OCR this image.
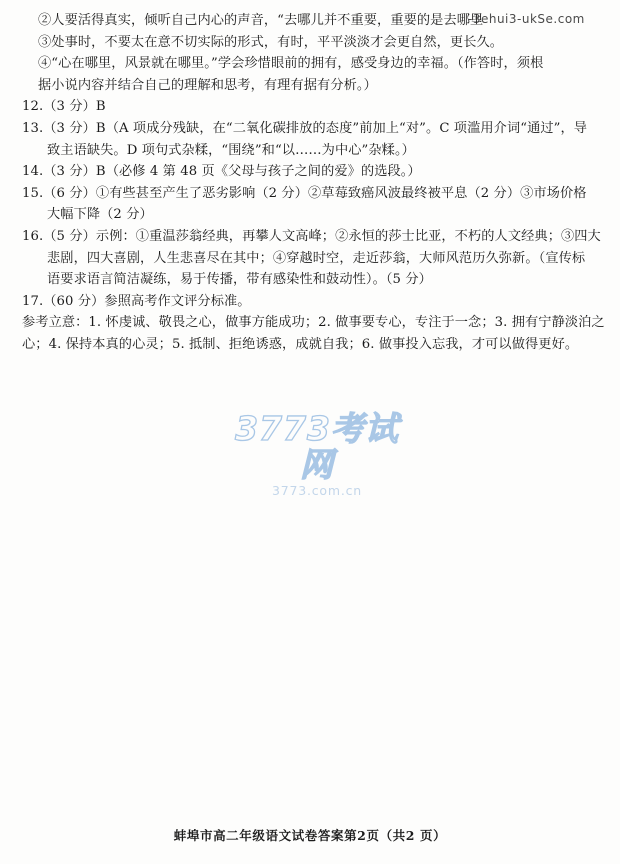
②人要活得真实，倾听自己内心的声音，“去哪儿并不重要，重要的是去哪里
③处事时，不要太在意不切实际的形式，有时，平平淡淡才会更自然，更长久。
④“心在哪里，风景就在哪里。”学会珍惜眼前的拥有，感受身边的幸福。（作答时，须根
据小说内容并结合自己的理解和思考，有理有据有分析。）
12.（3 分）B
13.（3 分）B（A 项成分残缺，在“二氧化碳排放的态度”前加上“对”。C 项滥用介词“通过”，导
致主语缺失。D 项句式杂糅，“围绕”和“以……为中心”杂糅。）
14.（3 分）B（必修 4 第 48 页《父母与孩子之间的爱》的选段。）
15.（6 分）①有些甚至产生了恶劣影响（2 分）②草莓致癌风波最终被平息（2 分）③市场价格
大幅下降（2 分）
16.（5 分）示例：①重温莎翁经典，再攀人文高峰；②永恒的莎士比亚，不朽的人文经典；③四大
悲剧，四大喜剧，人生悲喜尽在其中；④穿越时空，走近莎翁，大师风范历久弥新。（宣传标
语要求语言简洁凝练，易于传播，带有感染性和鼓动性）。（5 分）
17.（60 分）参照高考作文评分标准。
参考立意：1. 怀虔诚、敬畏之心，做事方能成功；2. 做事要专心，专注于一念；3. 拥有宁静淡泊之
心；4. 保持本真的心灵；5. 抵制、拒绝诱惑，成就自我；6. 做事投入忘我，才可以做得更好。
-3ehui3-ukSe.com
3773考试网
3773.com.cn
蚌埠市高二年级语文试卷答案第2页（共2 页）
